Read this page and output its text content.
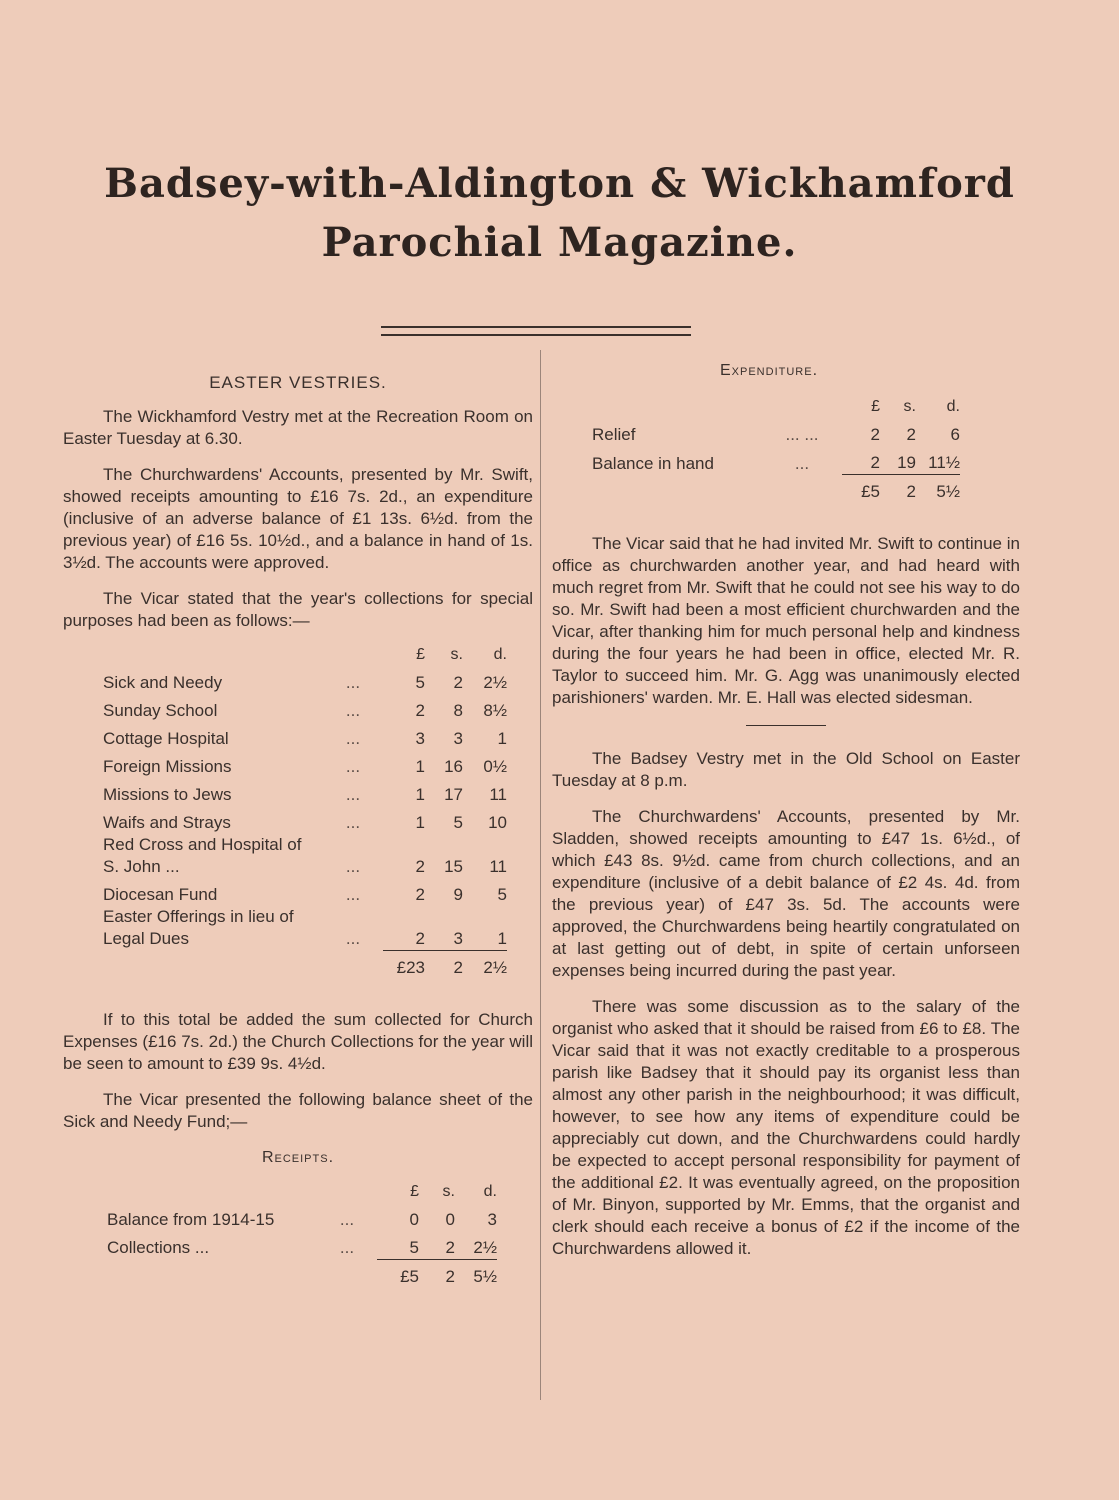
Badsey-with-Aldington & Wickhamford
Parochial Magazine.
EASTER VESTRIES.

The Wickhamford Vestry met at the Recreation Room on Easter Tuesday at 6.30.

The Churchwardens' Accounts, presented by Mr. Swift, showed receipts amounting to £16 7s. 2d., an expenditure (inclusive of an adverse balance of £1 13s. 6½d. from the previous year) of £16 5s. 10½d., and a balance in hand of 1s. 3½d. The accounts were approved.

The Vicar stated that the year's collections for special purposes had been as follows:—

		£	s.	d.
Sick and Needy	...	5	2	2½
Sunday School	...	2	8	8½
Cottage Hospital	...	3	3	1
Foreign Missions	...	1	16	0½
Missions to Jews	...	1	17	11
Waifs and Strays	...	1	5	10
Red Cross and Hospital of S. John ...	...	2	15	11
Diocesan Fund	...	2	9	5
Easter Offerings in lieu of Legal Dues	...	2	3	1
		£23	2	2½

If to this total be added the sum collected for Church Expenses (£16 7s. 2d.) the Church Collections for the year will be seen to amount to £39 9s. 4½d.

The Vicar presented the following balance sheet of the Sick and Needy Fund;—

Receipts.
		£	s.	d.
Balance from 1914-15	...	0	0	3
Collections ...	...	5	2	2½
		£5	2	5½
Expenditure.
		£	s.	d.
Relief	... ...	2	2	6
Balance in hand	...	2	19	11½
		£5	2	5½

The Vicar said that he had invited Mr. Swift to continue in office as churchwarden another year, and had heard with much regret from Mr. Swift that he could not see his way to do so. Mr. Swift had been a most efficient churchwarden and the Vicar, after thanking him for much personal help and kindness during the four years he had been in office, elected Mr. R. Taylor to succeed him. Mr. G. Agg was unanimously elected parishioners' warden. Mr. E. Hall was elected sidesman.

The Badsey Vestry met in the Old School on Easter Tuesday at 8 p.m.

The Churchwardens' Accounts, presented by Mr. Sladden, showed receipts amounting to £47 1s. 6½d., of which £43 8s. 9½d. came from church collections, and an expenditure (inclusive of a debit balance of £2 4s. 4d. from the previous year) of £47 3s. 5d. The accounts were approved, the Churchwardens being heartily congratulated on at last getting out of debt, in spite of certain unforseen expenses being incurred during the past year.

There was some discussion as to the salary of the organist who asked that it should be raised from £6 to £8. The Vicar said that it was not exactly creditable to a prosperous parish like Badsey that it should pay its organist less than almost any other parish in the neighbourhood; it was difficult, however, to see how any items of expenditure could be appreciably cut down, and the Churchwardens could hardly be expected to accept personal responsibility for payment of the additional £2. It was eventually agreed, on the proposition of Mr. Binyon, supported by Mr. Emms, that the organist and clerk should each receive a bonus of £2 if the income of the Churchwardens allowed it.
